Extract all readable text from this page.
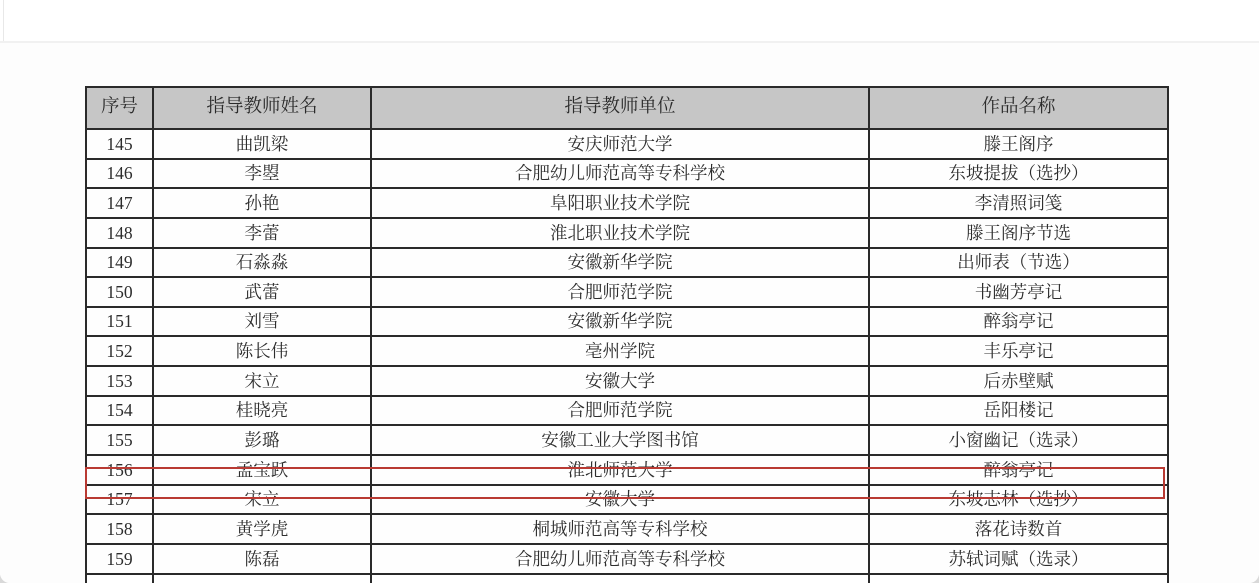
序号	指导教师姓名	指导教师单位	作品名称
145	曲凯梁	安庆师范大学	滕王阁序
146	李曌	合肥幼儿师范高等专科学校	东坡提拔（选抄）
147	孙艳	阜阳职业技术学院	李清照词笺
148	李蕾	淮北职业技术学院	滕王阁序节选
149	石淼淼	安徽新华学院	出师表（节选）
150	武蕾	合肥师范学院	书幽芳亭记
151	刘雪	安徽新华学院	醉翁亭记
152	陈长伟	亳州学院	丰乐亭记
153	宋立	安徽大学	后赤壁赋
154	桂晓亮	合肥师范学院	岳阳楼记
155	彭璐	安徽工业大学图书馆	小窗幽记（选录）
156	孟宝跃	淮北师范大学	醉翁亭记
157	宋立	安徽大学	东坡志林（选抄）
158	黄学虎	桐城师范高等专科学校	落花诗数首
159	陈磊	合肥幼儿师范高等专科学校	苏轼词赋（选录）
